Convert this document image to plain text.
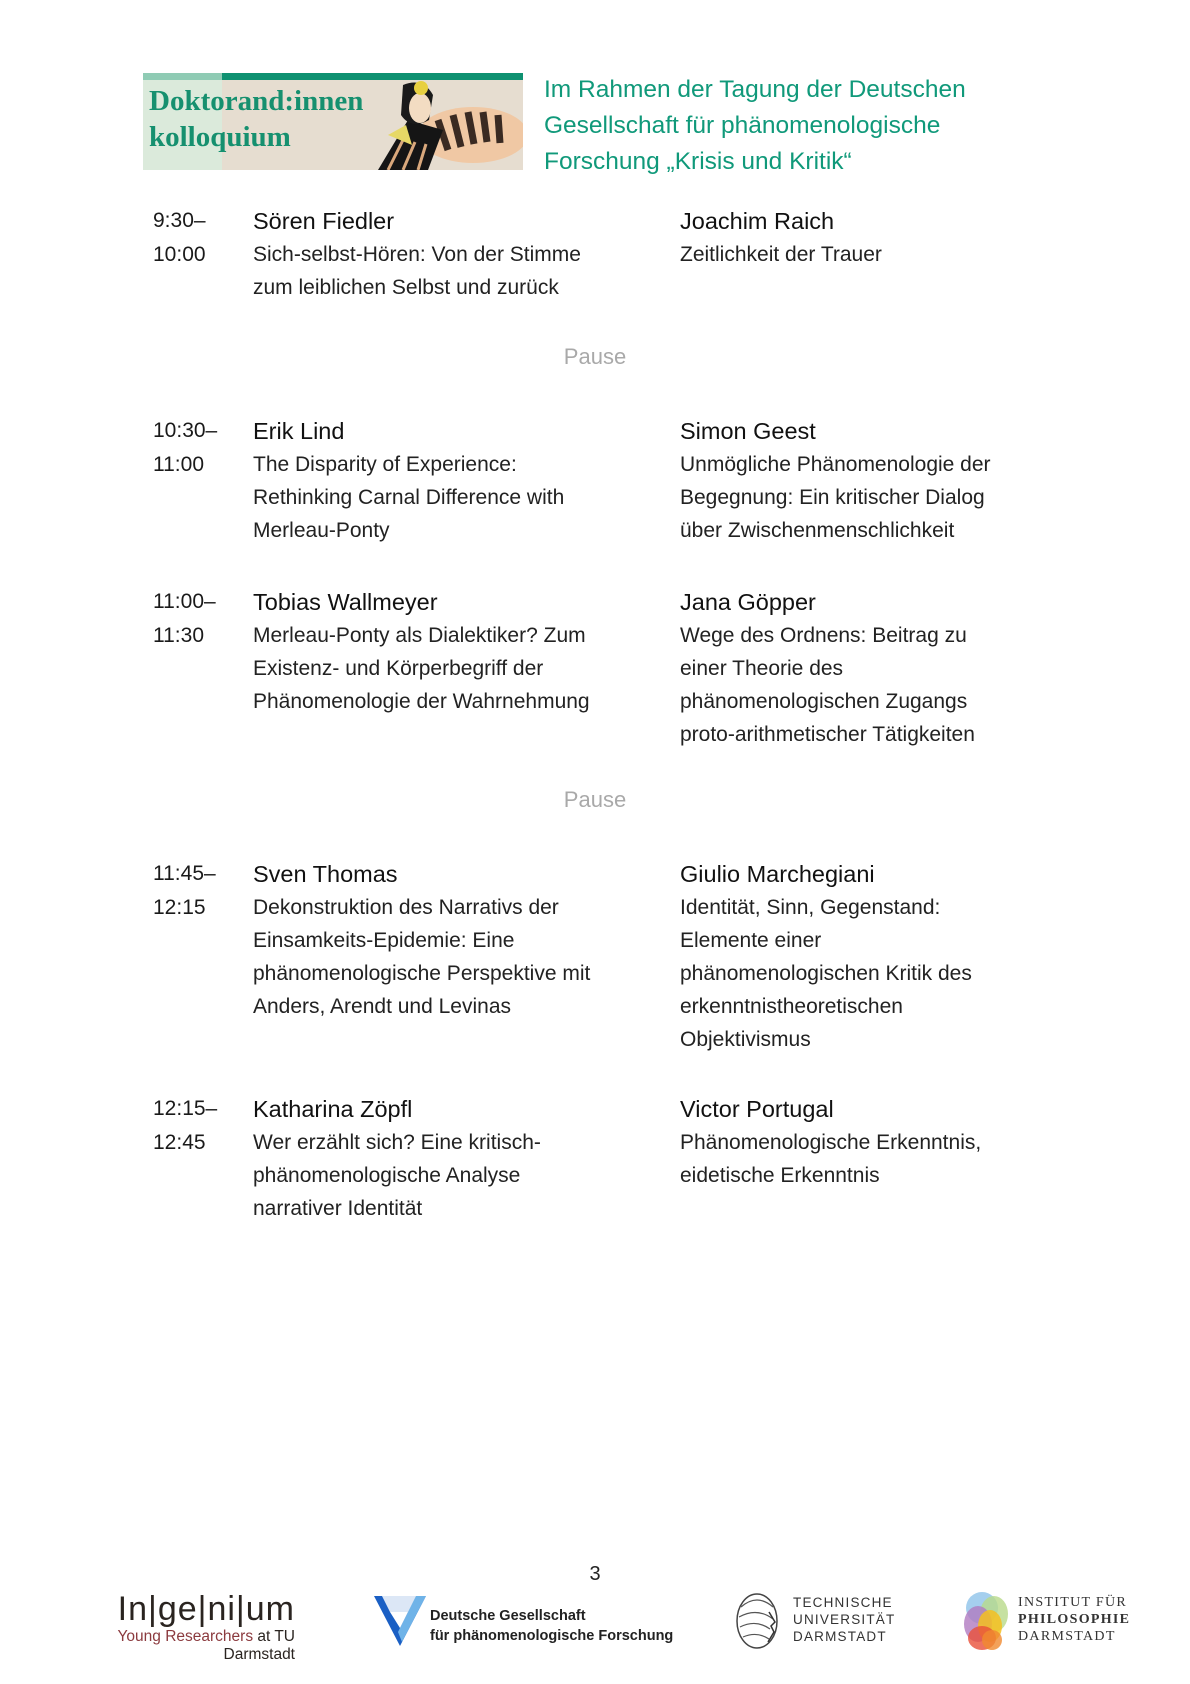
Doktorand:innen
kolloquium
Im Rahmen der Tagung der Deutschen
Gesellschaft für phänomenologische
Forschung „Krisis und Kritik“
9:30–
10:00
Sören Fiedler
Sich-selbst-Hören: Von der Stimme
zum leiblichen Selbst und zurück
Joachim Raich
Zeitlichkeit der Trauer
Pause
10:30–
11:00
Erik Lind
The Disparity of Experience:
Rethinking Carnal Difference with
Merleau-Ponty
Simon Geest
Unmögliche Phänomenologie der
Begegnung: Ein kritischer Dialog
über Zwischenmenschlichkeit
11:00–
11:30
Tobias Wallmeyer
Merleau-Ponty als Dialektiker? Zum
Existenz- und Körperbegriff der
Phänomenologie der Wahrnehmung
Jana Göpper
Wege des Ordnens: Beitrag zu
einer Theorie des
phänomenologischen Zugangs
proto-arithmetischer Tätigkeiten
Pause
11:45–
12:15
Sven Thomas
Dekonstruktion des Narrativs der
Einsamkeits-Epidemie: Eine
phänomenologische Perspektive mit
Anders, Arendt und Levinas
Giulio Marchegiani
Identität, Sinn, Gegenstand:
Elemente einer
phänomenologischen Kritik des
erkenntnistheoretischen
Objektivismus
12:15–
12:45
Katharina Zöpfl
Wer erzählt sich? Eine kritisch-
phänomenologische Analyse
narrativer Identität
Victor Portugal
Phänomenologische Erkenntnis,
eidetische Erkenntnis
3
In|ge|ni|um
Young Researchers at TU Darmstadt
Deutsche Gesellschaft
für phänomenologische Forschung
TECHNISCHE
UNIVERSITÄT
DARMSTADT
INSTITUT FÜR
PHILOSOPHIE
DARMSTADT
